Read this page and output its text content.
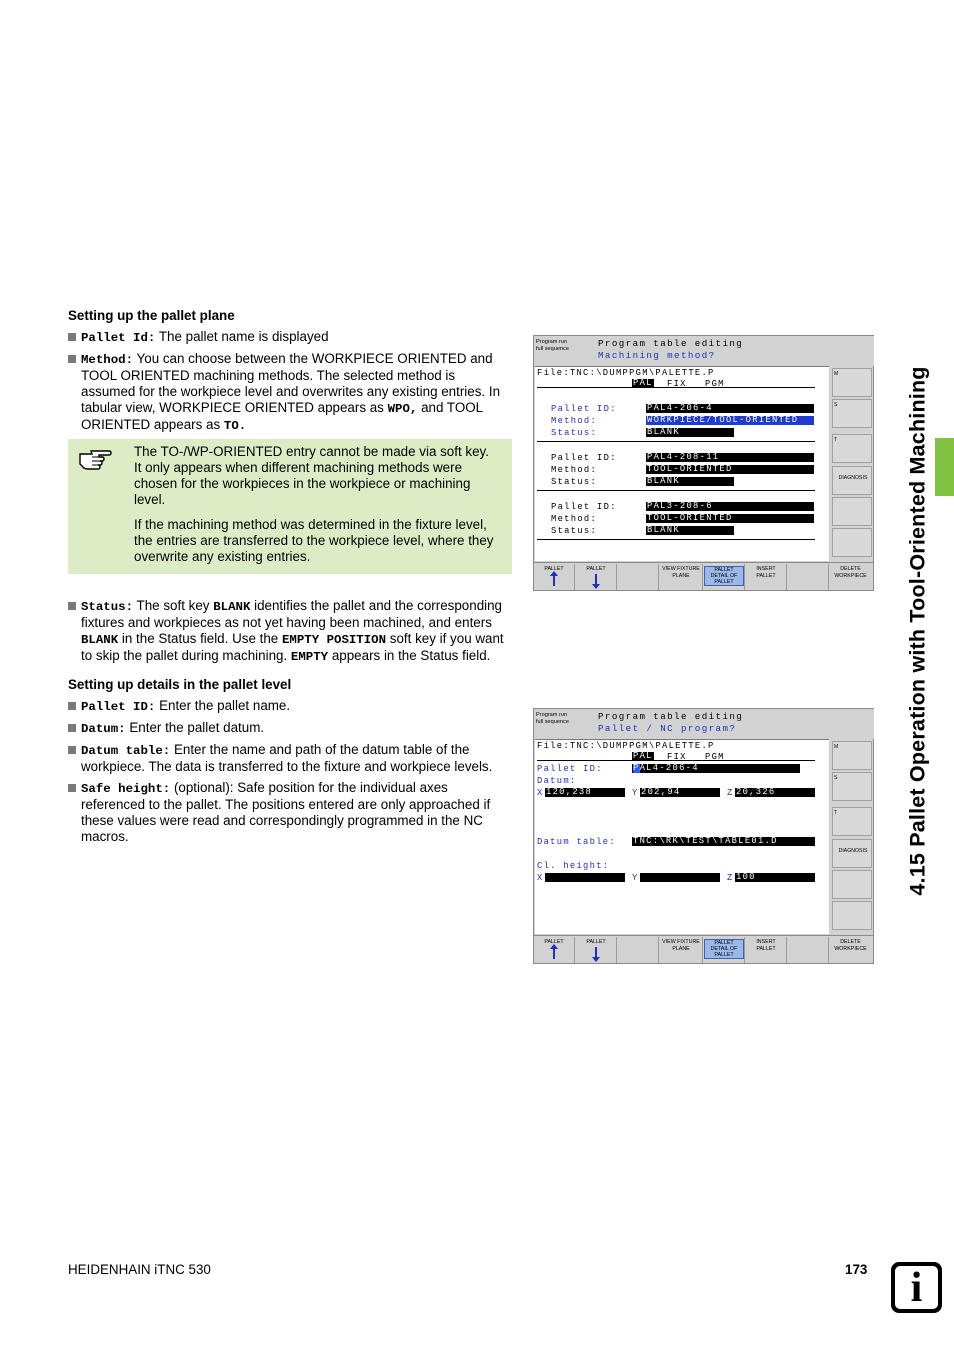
4.15 Pallet Operation with Tool-Oriented Machining
Setting up the pallet plane
Pallet Id: The pallet name is displayed
Method: You can choose between the WORKPIECE ORIENTED and TOOL ORIENTED machining methods. The selected method is assumed for the workpiece level and overwrites any existing entries. In tabular view, WORKPIECE ORIENTED appears as WPO, and TOOL ORIENTED appears as TO.

The TO-/WP-ORIENTED entry cannot be made via soft key. It only appears when different machining methods were chosen for the workpieces in the workpiece or machining level.

If the machining method was determined in the fixture level, the entries are transferred to the workpiece level, where they overwrite any existing entries.

Status: The soft key BLANK identifies the pallet and the corresponding fixtures and workpieces as not yet having been machined, and enters BLANK in the Status field. Use the EMPTY POSITION soft key if you want to skip the pallet during machining. EMPTY appears in the Status field.
Setting up details in the pallet level
Pallet ID: Enter the pallet name.
Datum: Enter the pallet datum.
Datum table: Enter the name and path of the datum table of the workpiece. The data is transferred to the fixture and workpiece levels.
Safe height: (optional): Safe position for the individual axes referenced to the pallet. The positions entered are only approached if these values were read and correspondingly programmed in the NC macros.
Program run
full sequence	Program table editing
Machining method?
File:TNC:\DUMPPGM\PALETTE.P
PAL FIX PGM
Pallet ID:	PAL4-206-4
Method:	WORKPIECE/TOOL-ORIENTED
Status:	BLANK
Pallet ID:	PAL4-208-11
Method:	TOOL-ORIENTED
Status:	BLANK
Pallet ID:	PAL3-208-6
Method:	TOOL-ORIENTED
Status:	BLANK
M
S
T
DIAGNOSIS
PALLET	PALLET	VIEW FIXTURE PLANE
PALLET DETAIL OF PALLET
INSERT PALLET
DELETE WORKPIECE
Program run
full sequence	Program table editing
Pallet / NC program?
File:TNC:\DUMPPGM\PALETTE.P
PAL FIX PGM
Pallet ID:	PAL4-206-4
Datum:
X 120,238	Y 202,94	Z 20,326
Datum table: TNC:\RK\TEST\TABLE01.D
Cl. height:
X	Y	Z 100
M
S
T
DIAGNOSIS
PALLET	PALLET	VIEW FIXTURE PLANE
PALLET DETAIL OF PALLET
INSERT PALLET
DELETE WORKPIECE
HEIDENHAIN iTNC 530	173	i
